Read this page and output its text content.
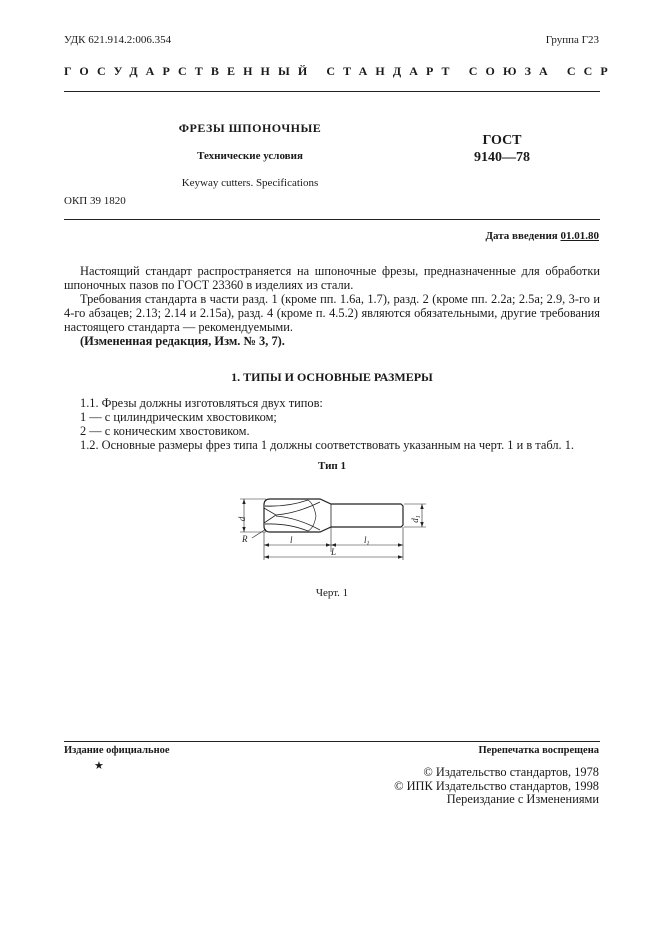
УДК 621.914.2:006.354	Группа Г23
ГОСУДАРСТВЕННЫЙ СТАНДАРТ СОЮЗА ССР
ФРЕЗЫ ШПОНОЧНЫЕ
Технические условия
Keyway cutters. Specifications
ГОСТ
9140—78
ОКП 39 1820
Дата введения 01.01.80

Настоящий стандарт распространяется на шпоночные фрезы, предназначенные для обработки шпоночных пазов по ГОСТ 23360 в изделиях из стали.

Требования стандарта в части разд. 1 (кроме пп. 1.6а, 1.7), разд. 2 (кроме пп. 2.2а; 2.5а; 2.9, 3-го и 4-го абзацев; 2.13; 2.14 и 2.15а), разд. 4 (кроме п. 4.5.2) являются обязательными, другие требования настоящего стандарта — рекомендуемыми.

(Измененная редакция, Изм. № 3, 7).

1. ТИПЫ И ОСНОВНЫЕ РАЗМЕРЫ

1.1. Фрезы должны изготовляться двух типов:

1 — с цилиндрическим хвостовиком;

2 — с коническим хвостовиком.

1.2. Основные размеры фрез типа 1 должны соответствовать указанным на черт. 1 и в табл. 1.

Тип 1
d	$d_1$
R	l	$l_1$
L
Черт. 1
Издание официальное	Перепечатка воспрещена
★	© Издательство стандартов, 1978
© ИПК Издательство стандартов, 1998
Переиздание с Изменениями
